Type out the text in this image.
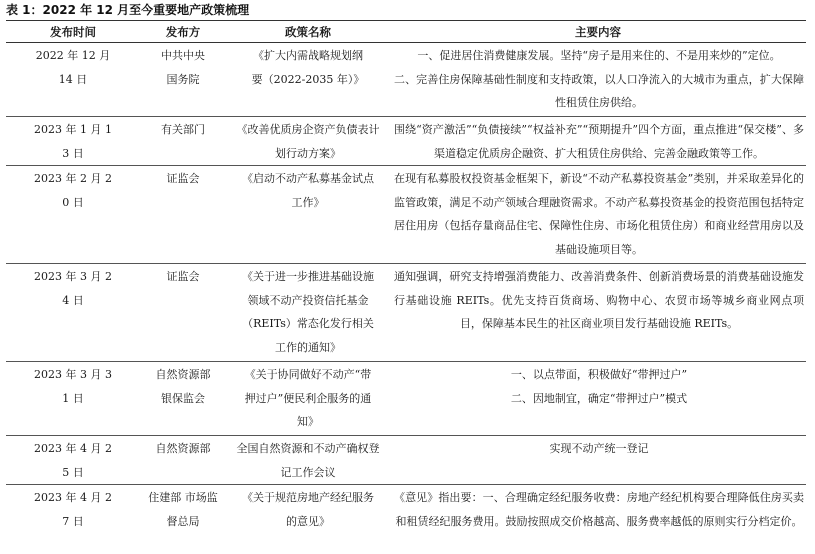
表 1：2022 年 12 月至今重要地产政策梳理
发布时间	发布方	政策名称	主要内容
2022 年 12 月 14 日	中共中央 国务院	《扩大内需战略规划纲要（2022-2035 年）》	一、促进居住消费健康发展。坚持“房子是用来住的、不是用来炒的”定位。
二、完善住房保障基础性制度和支持政策，以人口净流入的大城市为重点，扩大保障性租赁住房供给。

2023 年 1 月 13 日	有关部门	《改善优质房企资产负债表计划行动方案》	围绕“资产激活”“负债接续”“权益补充”“预期提升”四个方面，重点推进“保交楼”、多渠道稳定优质房企融资、扩大租赁住房供给、完善金融政策等工作。

2023 年 2 月 20 日	证监会	《启动不动产私募基金试点工作》	在现有私募股权投资基金框架下，新设“不动产私募投资基金”类别，并采取差异化的监管政策，满足不动产领域合理融资需求。不动产私募投资基金的投资范围包括特定居住用房（包括存量商品住宅、保障性住房、市场化租赁住房）和商业经营用房以及基础设施项目等。

2023 年 3 月 24 日	证监会	《关于进一步推进基础设施领域不动产投资信托基金（REITs）常态化发行相关工作的通知》	通知强调，研究支持增强消费能力、改善消费条件、创新消费场景的消费基础设施发行基础设施 REITs。优先支持百货商场、购物中心、农贸市场等城乡商业网点项目，保障基本民生的社区商业项目发行基础设施 REITs。

2023 年 3 月 31 日	自然资源部 银保监会	《关于协同做好不动产“带押过户”便民利企服务的通知》	一、以点带面，积极做好“带押过户”
二、因地制宜，确定“带押过户”模式

2023 年 4 月 25 日	自然资源部	全国自然资源和不动产确权登记工作会议	实现不动产统一登记

2023 年 4 月 27 日	住建部 市场监督总局	《关于规范房地产经纪服务的意见》	《意见》指出要：一、合理确定经纪服务收费：房地产经纪机构要合理降低住房买卖和租赁经纪服务费用。鼓励按照成交价格越高、服务费率越低的原则实行分档定价。
